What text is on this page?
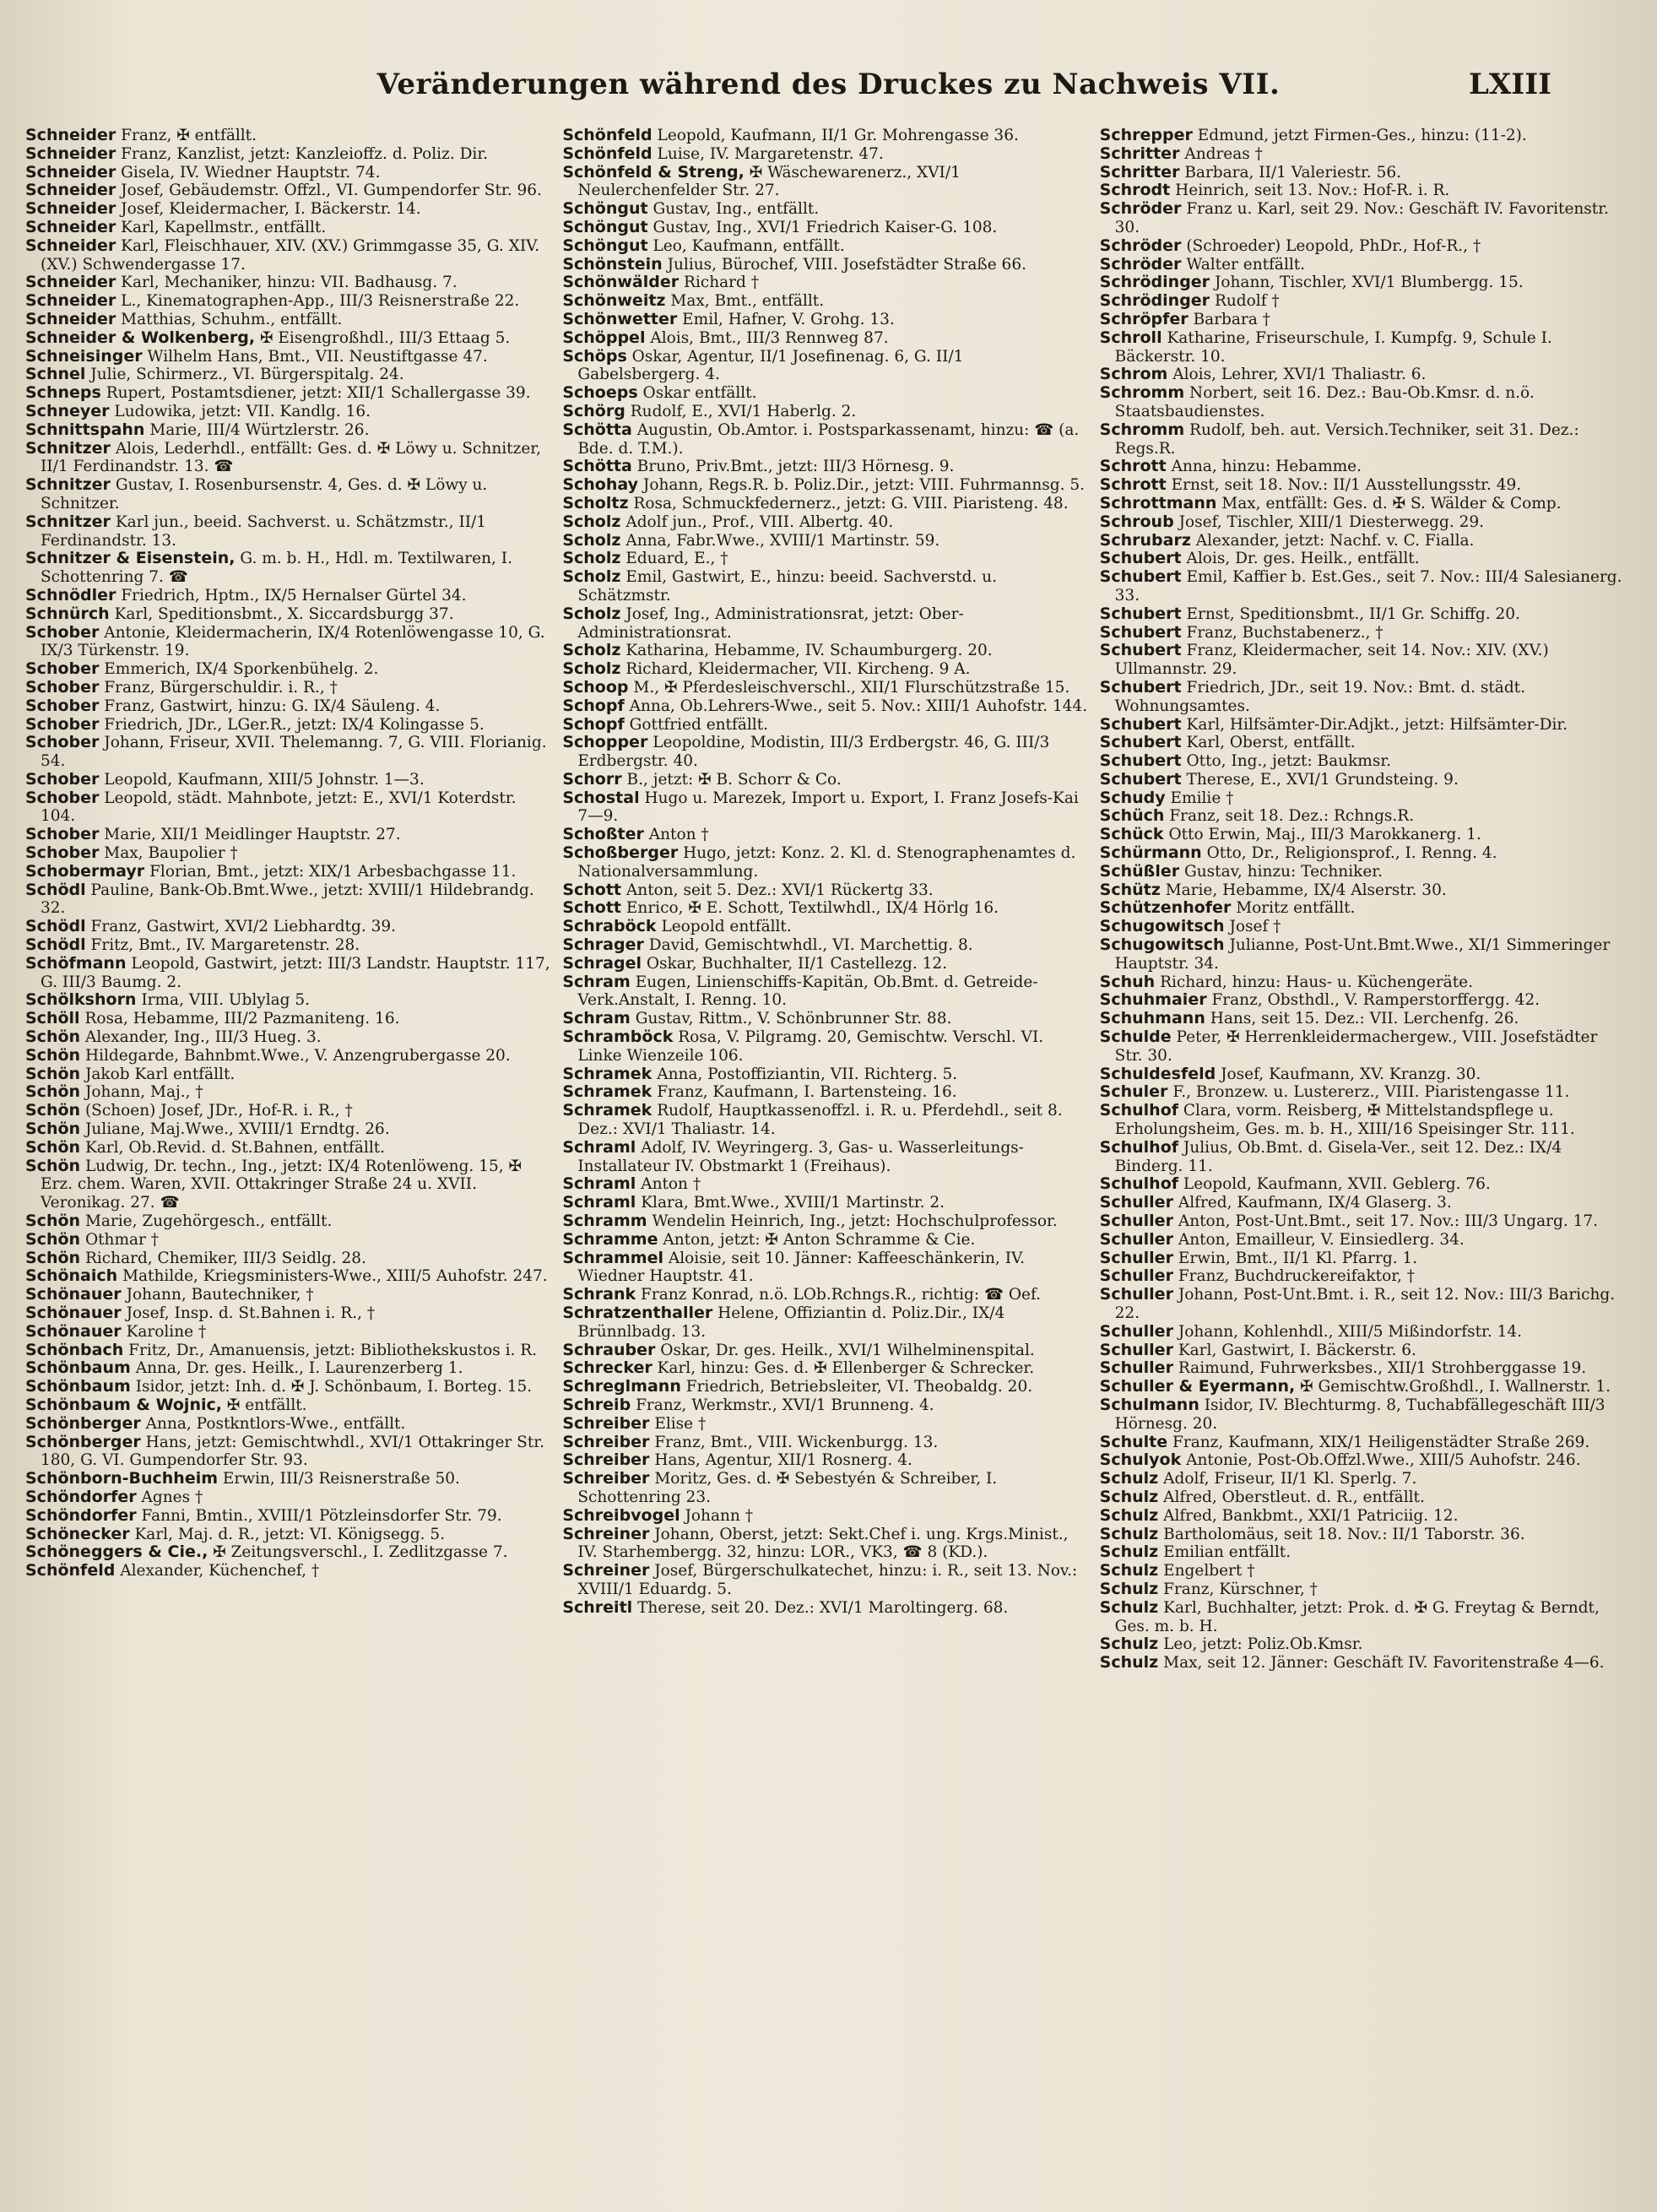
Veränderungen während des Druckes zu Nachweis VII.	LXIII

Schneider Franz, ✠ entfällt.

Schneider Franz, Kanzlist, jetzt: Kanzleioffz. d. Poliz. Dir.

Schneider Gisela, IV. Wiedner Hauptstr. 74.

Schneider Josef, Gebäudemstr. Offzl., VI. Gumpendorfer Str. 96.

Schneider Josef, Kleidermacher, I. Bäckerstr. 14.

Schneider Karl, Kapellmstr., entfällt.

Schneider Karl, Fleischhauer, XIV. (XV.) Grimmgasse 35, G. XIV. (XV.) Schwendergasse 17.

Schneider Karl, Mechaniker, hinzu: VII. Badhausg. 7.

Schneider L., Kinematographen-App., III/3 Reisnerstraße 22.

Schneider Matthias, Schuhm., entfällt.

Schneider & Wolkenberg, ✠ Eisengroßhdl., III/3 Ettaag 5.

Schneisinger Wilhelm Hans, Bmt., VII. Neustiftgasse 47.

Schnel Julie, Schirmerz., VI. Bürgerspitalg. 24.

Schneps Rupert, Postamtsdiener, jetzt: XII/1 Schallergasse 39.

Schneyer Ludowika, jetzt: VII. Kandlg. 16.

Schnittspahn Marie, III/4 Würtzlerstr. 26.

Schnitzer Alois, Lederhdl., entfällt: Ges. d. ✠ Löwy u. Schnitzer, II/1 Ferdinandstr. 13. ☎

Schnitzer Gustav, I. Rosenbursenstr. 4, Ges. d. ✠ Löwy u. Schnitzer.

Schnitzer Karl jun., beeid. Sachverst. u. Schätzmstr., II/1 Ferdinandstr. 13.

Schnitzer & Eisenstein, G. m. b. H., Hdl. m. Textilwaren, I. Schottenring 7. ☎

Schnödler Friedrich, Hptm., IX/5 Hernalser Gürtel 34.

Schnürch Karl, Speditionsbmt., X. Siccardsburgg 37.

Schober Antonie, Kleidermacherin, IX/4 Rotenlöwengasse 10, G. IX/3 Türkenstr. 19.

Schober Emmerich, IX/4 Sporkenbühelg. 2.

Schober Franz, Bürgerschuldir. i. R., †

Schober Franz, Gastwirt, hinzu: G. IX/4 Säuleng. 4.

Schober Friedrich, JDr., LGer.R., jetzt: IX/4 Kolingasse 5.

Schober Johann, Friseur, XVII. Thelemanng. 7, G. VIII. Florianig. 54.

Schober Leopold, Kaufmann, XIII/5 Johnstr. 1—3.

Schober Leopold, städt. Mahnbote, jetzt: E., XVI/1 Koterdstr. 104.

Schober Marie, XII/1 Meidlinger Hauptstr. 27.

Schober Max, Baupolier †

Schobermayr Florian, Bmt., jetzt: XIX/1 Arbesbachgasse 11.

Schödl Pauline, Bank-Ob.Bmt.Wwe., jetzt: XVIII/1 Hildebrandg. 32.

Schödl Franz, Gastwirt, XVI/2 Liebhardtg. 39.

Schödl Fritz, Bmt., IV. Margaretenstr. 28.

Schöfmann Leopold, Gastwirt, jetzt: III/3 Landstr. Hauptstr. 117, G. III/3 Baumg. 2.

Schölkshorn Irma, VIII. Ublylag 5.

Schöll Rosa, Hebamme, III/2 Pazmaniteng. 16.

Schön Alexander, Ing., III/3 Hueg. 3.

Schön Hildegarde, Bahnbmt.Wwe., V. Anzengrubergasse 20.

Schön Jakob Karl entfällt.

Schön Johann, Maj., †

Schön (Schoen) Josef, JDr., Hof-R. i. R., †

Schön Juliane, Maj.Wwe., XVIII/1 Erndtg. 26.

Schön Karl, Ob.Revid. d. St.Bahnen, entfällt.

Schön Ludwig, Dr. techn., Ing., jetzt: IX/4 Rotenlöweng. 15, ✠ Erz. chem. Waren, XVII. Ottakringer Straße 24 u. XVII. Veronikag. 27. ☎

Schön Marie, Zugehörgesch., entfällt.

Schön Othmar †

Schön Richard, Chemiker, III/3 Seidlg. 28.

Schönaich Mathilde, Kriegsministers-Wwe., XIII/5 Auhofstr. 247.

Schönauer Johann, Bautechniker, †

Schönauer Josef, Insp. d. St.Bahnen i. R., †

Schönauer Karoline †

Schönbach Fritz, Dr., Amanuensis, jetzt: Bibliothekskustos i. R.

Schönbaum Anna, Dr. ges. Heilk., I. Laurenzerberg 1.

Schönbaum Isidor, jetzt: Inh. d. ✠ J. Schönbaum, I. Borteg. 15.

Schönbaum & Wojnic, ✠ entfällt.

Schönberger Anna, Postkntlors-Wwe., entfällt.

Schönberger Hans, jetzt: Gemischtwhdl., XVI/1 Ottakringer Str. 180, G. VI. Gumpendorfer Str. 93.

Schönborn-Buchheim Erwin, III/3 Reisnerstraße 50.

Schöndorfer Agnes †

Schöndorfer Fanni, Bmtin., XVIII/1 Pötzleinsdorfer Str. 79.

Schönecker Karl, Maj. d. R., jetzt: VI. Königsegg. 5.

Schöneggers & Cie., ✠ Zeitungsverschl., I. Zedlitzgasse 7.

Schönfeld Alexander, Küchenchef, †

Schönfeld Leopold, Kaufmann, II/1 Gr. Mohrengasse 36.

Schönfeld Luise, IV. Margaretenstr. 47.

Schönfeld & Streng, ✠ Wäschewarenerz., XVI/1 Neulerchenfelder Str. 27.

Schöngut Gustav, Ing., entfällt.

Schöngut Gustav, Ing., XVI/1 Friedrich Kaiser-G. 108.

Schöngut Leo, Kaufmann, entfällt.

Schönstein Julius, Bürochef, VIII. Josefstädter Straße 66.

Schönwälder Richard †

Schönweitz Max, Bmt., entfällt.

Schönwetter Emil, Hafner, V. Grohg. 13.

Schöppel Alois, Bmt., III/3 Rennweg 87.

Schöps Oskar, Agentur, II/1 Josefinenag. 6, G. II/1 Gabelsbergerg. 4.

Schoeps Oskar entfällt.

Schörg Rudolf, E., XVI/1 Haberlg. 2.

Schötta Augustin, Ob.Amtor. i. Postsparkassenamt, hinzu: ☎ (a. Bde. d. T.M.).

Schötta Bruno, Priv.Bmt., jetzt: III/3 Hörnesg. 9.

Schohay Johann, Regs.R. b. Poliz.Dir., jetzt: VIII. Fuhrmannsg. 5.

Scholtz Rosa, Schmuckfedernerz., jetzt: G. VIII. Piaristeng. 48.

Scholz Adolf jun., Prof., VIII. Albertg. 40.

Scholz Anna, Fabr.Wwe., XVIII/1 Martinstr. 59.

Scholz Eduard, E., †

Scholz Emil, Gastwirt, E., hinzu: beeid. Sachverstd. u. Schätzmstr.

Scholz Josef, Ing., Administrationsrat, jetzt: Ober-Administrationsrat.

Scholz Katharina, Hebamme, IV. Schaumburgerg. 20.

Scholz Richard, Kleidermacher, VII. Kircheng. 9 A.

Schoop M., ✠ Pferdesleischverschl., XII/1 Flurschützstraße 15.

Schopf Anna, Ob.Lehrers-Wwe., seit 5. Nov.: XIII/1 Auhofstr. 144.

Schopf Gottfried entfällt.

Schopper Leopoldine, Modistin, III/3 Erdbergstr. 46, G. III/3 Erdbergstr. 40.

Schorr B., jetzt: ✠ B. Schorr & Co.

Schostal Hugo u. Marezek, Import u. Export, I. Franz Josefs-Kai 7—9.

Schoßter Anton †

Schoßberger Hugo, jetzt: Konz. 2. Kl. d. Stenographenamtes d. Nationalversammlung.

Schott Anton, seit 5. Dez.: XVI/1 Rückertg 33.

Schott Enrico, ✠ E. Schott, Textilwhdl., IX/4 Hörlg 16.

Schraböck Leopold entfällt.

Schrager David, Gemischtwhdl., VI. Marchettig. 8.

Schragel Oskar, Buchhalter, II/1 Castellezg. 12.

Schram Eugen, Linienschiffs-Kapitän, Ob.Bmt. d. Getreide-Verk.Anstalt, I. Renng. 10.

Schram Gustav, Rittm., V. Schönbrunner Str. 88.

Schramböck Rosa, V. Pilgramg. 20, Gemischtw. Verschl. VI. Linke Wienzeile 106.

Schramek Anna, Postoffiziantin, VII. Richterg. 5.

Schramek Franz, Kaufmann, I. Bartensteing. 16.

Schramek Rudolf, Hauptkassenoffzl. i. R. u. Pferdehdl., seit 8. Dez.: XVI/1 Thaliastr. 14.

Schraml Adolf, IV. Weyringerg. 3, Gas- u. Wasserleitungs-Installateur IV. Obstmarkt 1 (Freihaus).

Schraml Anton †

Schraml Klara, Bmt.Wwe., XVIII/1 Martinstr. 2.

Schramm Wendelin Heinrich, Ing., jetzt: Hochschulprofessor.

Schramme Anton, jetzt: ✠ Anton Schramme & Cie.

Schrammel Aloisie, seit 10. Jänner: Kaffeeschänkerin, IV. Wiedner Hauptstr. 41.

Schrank Franz Konrad, n.ö. LOb.Rchngs.R., richtig: ☎ Oef.

Schratzenthaller Helene, Offiziantin d. Poliz.Dir., IX/4 Brünnlbadg. 13.

Schrauber Oskar, Dr. ges. Heilk., XVI/1 Wilhelminenspital.

Schrecker Karl, hinzu: Ges. d. ✠ Ellenberger & Schrecker.

Schreglmann Friedrich, Betriebsleiter, VI. Theobaldg. 20.

Schreib Franz, Werkmstr., XVI/1 Brunneng. 4.

Schreiber Elise †

Schreiber Franz, Bmt., VIII. Wickenburgg. 13.

Schreiber Hans, Agentur, XII/1 Rosnerg. 4.

Schreiber Moritz, Ges. d. ✠ Sebestyén & Schreiber, I. Schottenring 23.

Schreibvogel Johann †

Schreiner Johann, Oberst, jetzt: Sekt.Chef i. ung. Krgs.Minist., IV. Starhembergg. 32, hinzu: LOR., VK3, ☎ 8 (KD.).

Schreiner Josef, Bürgerschulkatechet, hinzu: i. R., seit 13. Nov.: XVIII/1 Eduardg. 5.

Schreitl Therese, seit 20. Dez.: XVI/1 Maroltingerg. 68.

Schrepper Edmund, jetzt Firmen-Ges., hinzu: (11-2).

Schritter Andreas †

Schritter Barbara, II/1 Valeriestr. 56.

Schrodt Heinrich, seit 13. Nov.: Hof-R. i. R.

Schröder Franz u. Karl, seit 29. Nov.: Geschäft IV. Favoritenstr. 30.

Schröder (Schroeder) Leopold, PhDr., Hof-R., †

Schröder Walter entfällt.

Schrödinger Johann, Tischler, XVI/1 Blumbergg. 15.

Schrödinger Rudolf †

Schröpfer Barbara †

Schroll Katharine, Friseurschule, I. Kumpfg. 9, Schule I. Bäckerstr. 10.

Schrom Alois, Lehrer, XVI/1 Thaliastr. 6.

Schromm Norbert, seit 16. Dez.: Bau-Ob.Kmsr. d. n.ö. Staatsbaudienstes.

Schromm Rudolf, beh. aut. Versich.Techniker, seit 31. Dez.: Regs.R.

Schrott Anna, hinzu: Hebamme.

Schrott Ernst, seit 18. Nov.: II/1 Ausstellungsstr. 49.

Schrottmann Max, entfällt: Ges. d. ✠ S. Wälder & Comp.

Schroub Josef, Tischler, XIII/1 Diesterwegg. 29.

Schrubarz Alexander, jetzt: Nachf. v. C. Fialla.

Schubert Alois, Dr. ges. Heilk., entfällt.

Schubert Emil, Kaffier b. Est.Ges., seit 7. Nov.: III/4 Salesianerg. 33.

Schubert Ernst, Speditionsbmt., II/1 Gr. Schiffg. 20.

Schubert Franz, Buchstabenerz., †

Schubert Franz, Kleidermacher, seit 14. Nov.: XIV. (XV.) Ullmannstr. 29.

Schubert Friedrich, JDr., seit 19. Nov.: Bmt. d. städt. Wohnungsamtes.

Schubert Karl, Hilfsämter-Dir.Adjkt., jetzt: Hilfsämter-Dir.

Schubert Karl, Oberst, entfällt.

Schubert Otto, Ing., jetzt: Baukmsr.

Schubert Therese, E., XVI/1 Grundsteing. 9.

Schudy Emilie †

Schüch Franz, seit 18. Dez.: Rchngs.R.

Schück Otto Erwin, Maj., III/3 Marokkanerg. 1.

Schürmann Otto, Dr., Religionsprof., I. Renng. 4.

Schüßler Gustav, hinzu: Techniker.

Schütz Marie, Hebamme, IX/4 Alserstr. 30.

Schützenhofer Moritz entfällt.

Schugowitsch Josef †

Schugowitsch Julianne, Post-Unt.Bmt.Wwe., XI/1 Simmeringer Hauptstr. 34.

Schuh Richard, hinzu: Haus- u. Küchengeräte.

Schuhmaier Franz, Obsthdl., V. Ramperstorffergg. 42.

Schuhmann Hans, seit 15. Dez.: VII. Lerchenfg. 26.

Schulde Peter, ✠ Herrenkleidermachergew., VIII. Josefstädter Str. 30.

Schuldesfeld Josef, Kaufmann, XV. Kranzg. 30.

Schuler F., Bronzew. u. Lustererz., VIII. Piaristengasse 11.

Schulhof Clara, vorm. Reisberg, ✠ Mittelstandspflege u. Erholungsheim, Ges. m. b. H., XIII/16 Speisinger Str. 111.

Schulhof Julius, Ob.Bmt. d. Gisela-Ver., seit 12. Dez.: IX/4 Binderg. 11.

Schulhof Leopold, Kaufmann, XVII. Geblerg. 76.

Schuller Alfred, Kaufmann, IX/4 Glaserg. 3.

Schuller Anton, Post-Unt.Bmt., seit 17. Nov.: III/3 Ungarg. 17.

Schuller Anton, Emailleur, V. Einsiedlerg. 34.

Schuller Erwin, Bmt., II/1 Kl. Pfarrg. 1.

Schuller Franz, Buchdruckereifaktor, †

Schuller Johann, Post-Unt.Bmt. i. R., seit 12. Nov.: III/3 Barichg. 22.

Schuller Johann, Kohlenhdl., XIII/5 Mißindorfstr. 14.

Schuller Karl, Gastwirt, I. Bäckerstr. 6.

Schuller Raimund, Fuhrwerksbes., XII/1 Strohberggasse 19.

Schuller & Eyermann, ✠ Gemischtw.Großhdl., I. Wallnerstr. 1.

Schulmann Isidor, IV. Blechturmg. 8, Tuchabfällegeschäft III/3 Hörnesg. 20.

Schulte Franz, Kaufmann, XIX/1 Heiligenstädter Straße 269.

Schulyok Antonie, Post-Ob.Offzl.Wwe., XIII/5 Auhofstr. 246.

Schulz Adolf, Friseur, II/1 Kl. Sperlg. 7.

Schulz Alfred, Oberstleut. d. R., entfällt.

Schulz Alfred, Bankbmt., XXI/1 Patriciig. 12.

Schulz Bartholomäus, seit 18. Nov.: II/1 Taborstr. 36.

Schulz Emilian entfällt.

Schulz Engelbert †

Schulz Franz, Kürschner, †

Schulz Karl, Buchhalter, jetzt: Prok. d. ✠ G. Freytag & Berndt, Ges. m. b. H.

Schulz Leo, jetzt: Poliz.Ob.Kmsr.

Schulz Max, seit 12. Jänner: Geschäft IV. Favoritenstraße 4—6.
